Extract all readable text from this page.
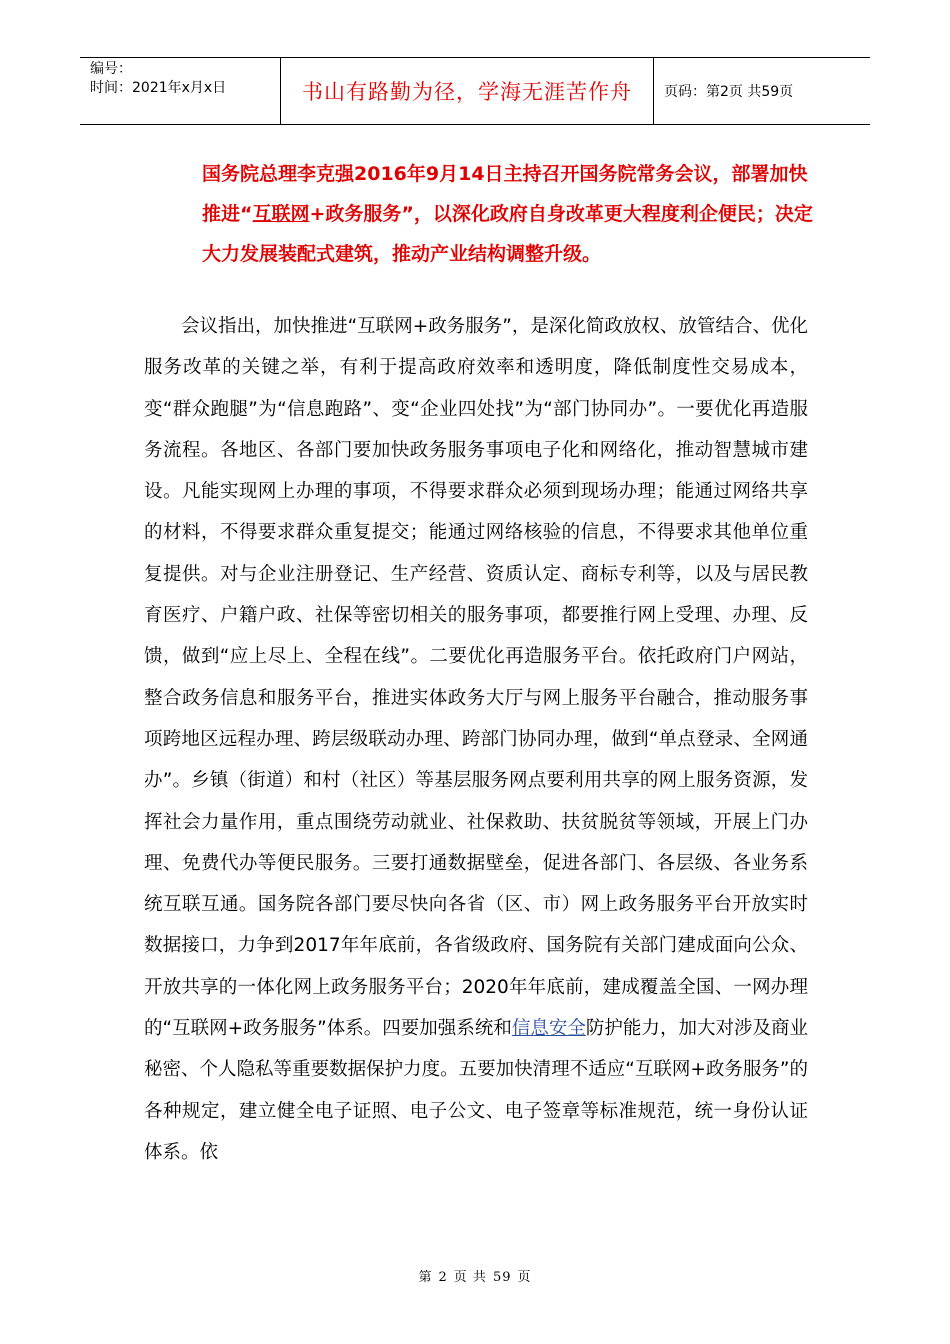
编号：
时间：2021年x月x日	书山有路勤为径，学海无涯苦作舟	页码：第2页 共59页
国务院总理李克强2016年9月14日主持召开国务院常务会议，部署加快推进“互联网+政务服务”，以深化政府自身改革更大程度利企便民；决定大力发展装配式建筑，推动产业结构调整升级。

会议指出，加快推进“互联网+政务服务”，是深化简政放权、放管结合、优化服务改革的关键之举，有利于提高政府效率和透明度，降低制度性交易成本，变“群众跑腿”为“信息跑路”、变“企业四处找”为“部门协同办”。一要优化再造服务流程。各地区、各部门要加快政务服务事项电子化和网络化，推动智慧城市建设。凡能实现网上办理的事项，不得要求群众必须到现场办理；能通过网络共享的材料，不得要求群众重复提交；能通过网络核验的信息，不得要求其他单位重复提供。对与企业注册登记、生产经营、资质认定、商标专利等，以及与居民教育医疗、户籍户政、社保等密切相关的服务事项，都要推行网上受理、办理、反馈，做到“应上尽上、全程在线”。二要优化再造服务平台。依托政府门户网站，整合政务信息和服务平台，推进实体政务大厅与网上服务平台融合，推动服务事项跨地区远程办理、跨层级联动办理、跨部门协同办理，做到“单点登录、全网通办”。乡镇（街道）和村（社区）等基层服务网点要利用共享的网上服务资源，发挥社会力量作用，重点围绕劳动就业、社保救助、扶贫脱贫等领域，开展上门办理、免费代办等便民服务。三要打通数据壁垒，促进各部门、各层级、各业务系统互联互通。国务院各部门要尽快向各省（区、市）网上政务服务平台开放实时数据接口，力争到2017年年底前，各省级政府、国务院有关部门建成面向公众、开放共享的一体化网上政务服务平台；2020年年底前，建成覆盖全国、一网办理的“互联网+政务服务”体系。四要加强系统和信息安全防护能力，加大对涉及商业秘密、个人隐私等重要数据保护力度。五要加快清理不适应“互联网+政务服务”的各种规定，建立健全电子证照、电子公文、电子签章等标准规范，统一身份认证体系。依

第 2 页 共 59 页
